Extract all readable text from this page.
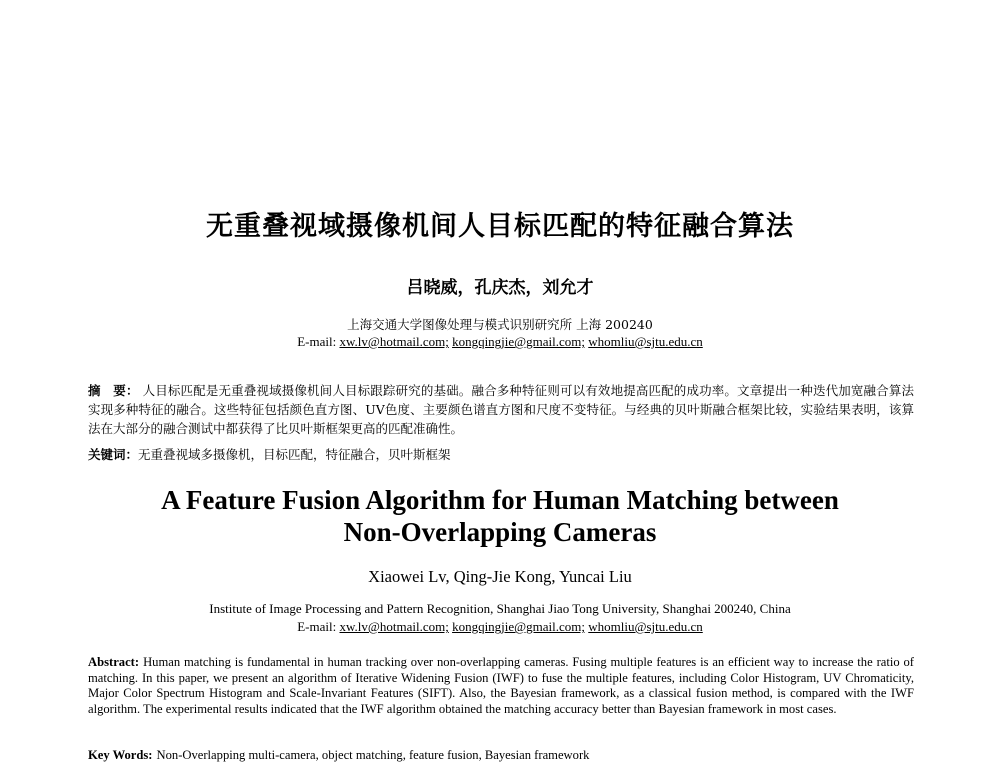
无重叠视域摄像机间人目标匹配的特征融合算法
吕晓威，孔庆杰，刘允才
上海交通大学图像处理与模式识别研究所 上海 200240
E-mail: xw.lv@hotmail.com; kongqingjie@gmail.com; whomliu@sjtu.edu.cn
摘　要： 人目标匹配是无重叠视域摄像机间人目标跟踪研究的基础。融合多种特征则可以有效地提高匹配的成功率。文章提出一种迭代加宽融合算法实现多种特征的融合。这些特征包括颜色直方图、UV色度、主要颜色谱直方图和尺度不变特征。与经典的贝叶斯融合框架比较，实验结果表明，该算法在大部分的融合测试中都获得了比贝叶斯框架更高的匹配准确性。
关键词：无重叠视域多摄像机，目标匹配，特征融合，贝叶斯框架
A Feature Fusion Algorithm for Human Matching between
Non-Overlapping Cameras
Xiaowei Lv, Qing-Jie Kong, Yuncai Liu
Institute of Image Processing and Pattern Recognition, Shanghai Jiao Tong University, Shanghai 200240, China
E-mail: xw.lv@hotmail.com; kongqingjie@gmail.com; whomliu@sjtu.edu.cn
Abstract: Human matching is fundamental in human tracking over non-overlapping cameras. Fusing multiple features is an efficient way to increase the ratio of matching. In this paper, we present an algorithm of Iterative Widening Fusion (IWF) to fuse the multiple features, including Color Histogram, UV Chromaticity, Major Color Spectrum Histogram and Scale-Invariant Features (SIFT). Also, the Bayesian framework, as a classical fusion method, is compared with the IWF algorithm. The experimental results indicated that the IWF algorithm obtained the matching accuracy better than Bayesian framework in most cases.
Key Words: Non-Overlapping multi-camera, object matching, feature fusion, Bayesian framework
